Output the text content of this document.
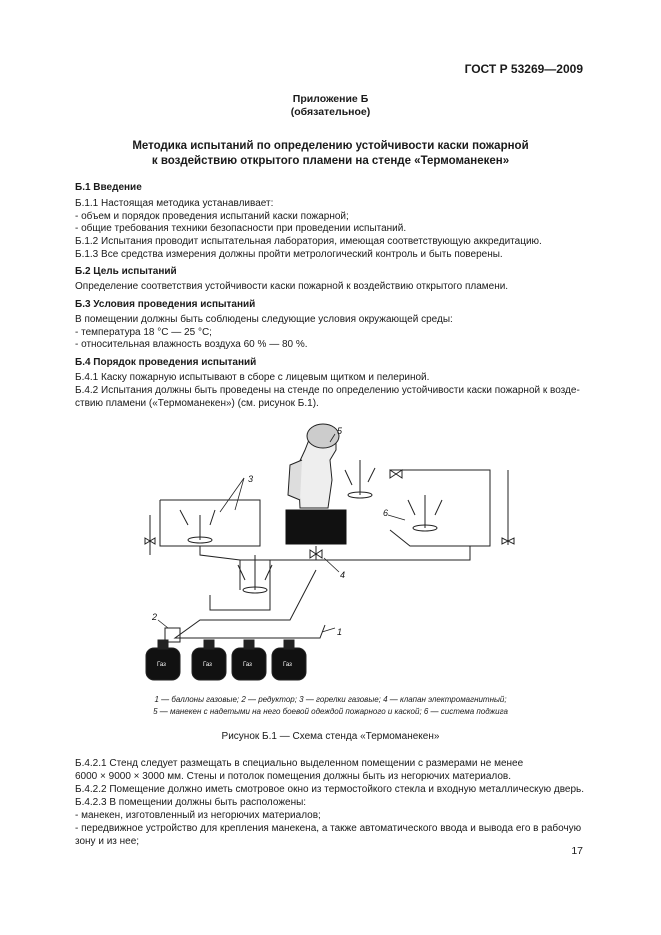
ГОСТ Р 53269—2009
Приложение Б
(обязательное)
Методика испытаний по определению устойчивости каски пожарной
к воздействию открытого пламени на стенде «Термоманекен»
Б.1 Введение
Б.1.1 Настоящая методика устанавливает:
- объем и порядок проведения испытаний каски пожарной;
- общие требования техники безопасности при проведении испытаний.
Б.1.2 Испытания проводит испытательная лаборатория, имеющая соответствующую аккредитацию.
Б.1.3 Все средства измерения должны пройти метрологический контроль и быть поверены.
Б.2 Цель испытаний
Определение соответствия устойчивости каски пожарной к воздействию открытого пламени.
Б.3 Условия проведения испытаний
В помещении должны быть соблюдены следующие условия окружающей среды:
- температура 18 °С — 25 °С;
- относительная влажность воздуха 60 % — 80 %.
Б.4 Порядок проведения испытаний
Б.4.1 Каску пожарную испытывают в сборе с лицевым щитком и пелериной.
Б.4.2 Испытания должны быть проведены на стенде по определению устойчивости каски пожарной к возде-
ствию пламени («Термоманекен») (см. рисунок Б.1).
Газ	Газ	Газ	Газ
1
2
3
4
5
6
1 — баллоны газовые; 2 — редуктор; 3 — горелки газовые; 4 — клапан электромагнитный;
5 — манекен с надетыми на него боевой одеждой пожарного и каской; 6 — система поджига
Рисунок Б.1 — Схема стенда «Термоманекен»
Б.4.2.1 Стенд следует размещать в специально выделенном помещении с размерами не менее
6000 × 9000 × 3000 мм. Стены и потолок помещения должны быть из негорючих материалов.
Б.4.2.2 Помещение должно иметь смотровое окно из термостойкого стекла и входную металлическую дверь.
Б.4.2.3 В помещении должны быть расположены:
- манекен, изготовленный из негорючих материалов;
- передвижное устройство для крепления манекена, а также автоматического ввода и вывода его в рабочую
зону и из нее;
17
